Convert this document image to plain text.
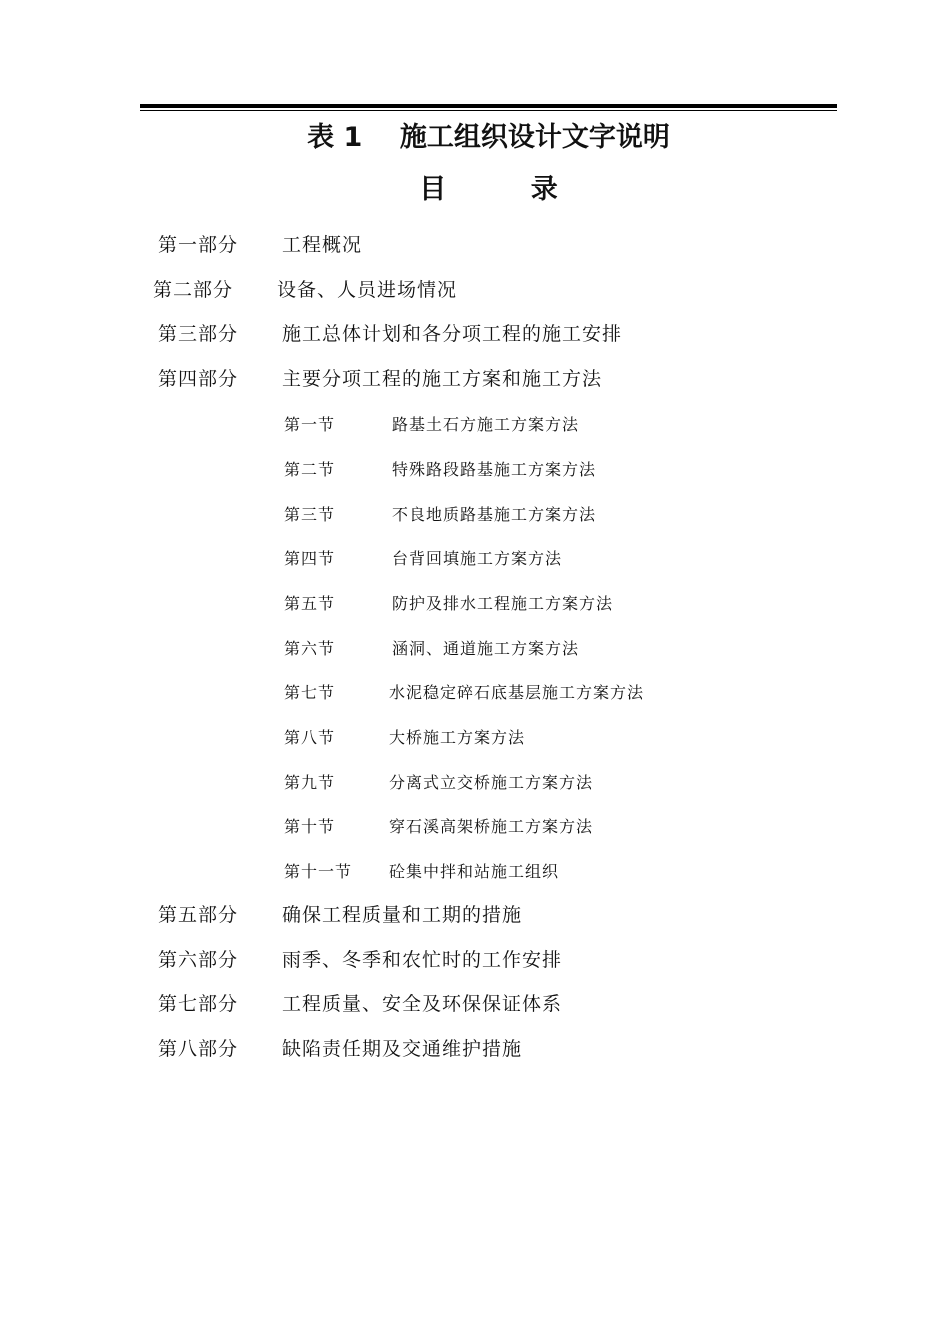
表 1    施工组织设计文字说明
目         录
第一部分 工程概况
第二部分 设备、人员进场情况
第三部分 施工总体计划和各分项工程的施工安排
第四部分 主要分项工程的施工方案和施工方法
第一节	路基土石方施工方案方法
第二节	特殊路段路基施工方案方法
第三节	不良地质路基施工方案方法
第四节	台背回填施工方案方法
第五节	防护及排水工程施工方案方法
第六节	涵洞、通道施工方案方法
第七节	水泥稳定碎石底基层施工方案方法
第八节	大桥施工方案方法
第九节	分离式立交桥施工方案方法
第十节	穿石溪高架桥施工方案方法
第十一节 砼集中拌和站施工组织
第五部分 确保工程质量和工期的措施
第六部分 雨季、冬季和农忙时的工作安排
第七部分 工程质量、安全及环保保证体系
第八部分 缺陷责任期及交通维护措施
